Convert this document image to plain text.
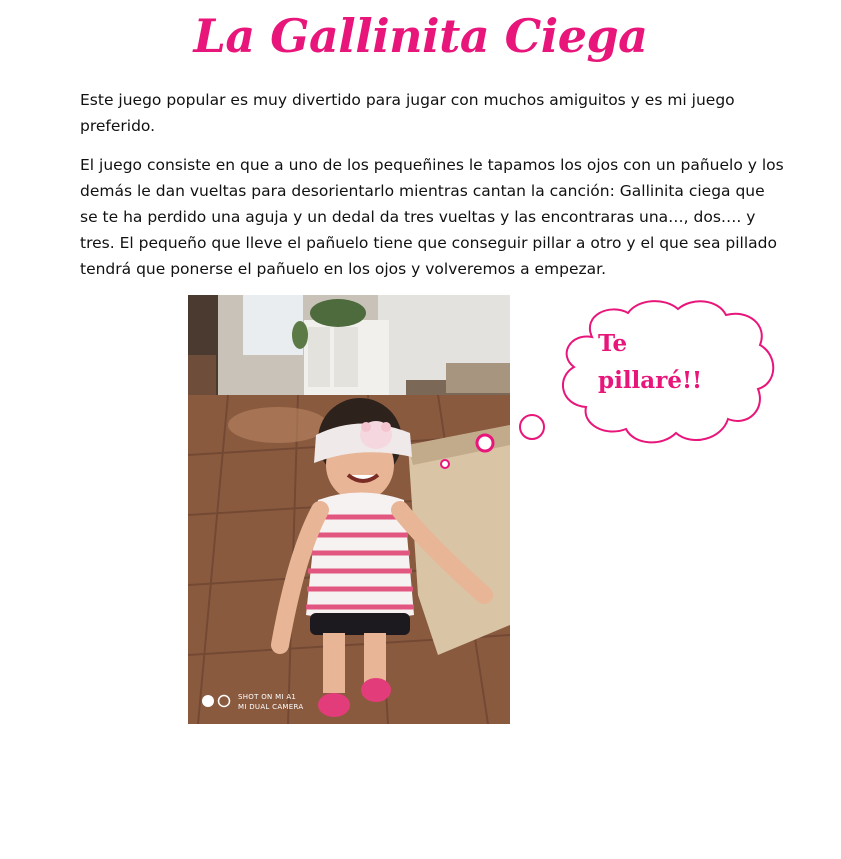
La Gallinita Ciega

Este juego popular es muy divertido para jugar con muchos amiguitos y es mi juego preferido.

El juego consiste en que a uno de los pequeñines le tapamos los ojos con un pañuelo y los demás le dan vueltas para desorientarlo mientras cantan la canción: Gallinita ciega que se te ha perdido una aguja y un dedal da tres vueltas y las encontraras una…, dos…. y tres. El pequeño que lleve el pañuelo tiene que conseguir pillar a otro y el que sea pillado tendrá que ponerse el pañuelo en los ojos y volveremos a empezar.

SHOT ON MI A1
MI DUAL CAMERA
Te
pillaré!!
